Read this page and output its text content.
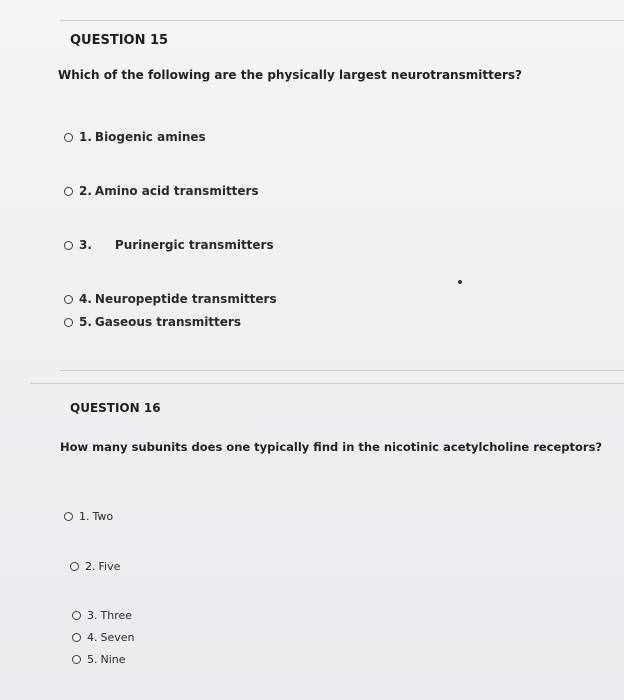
QUESTION 15
Which of the following are the physically largest neurotransmitters?
1. Biogenic amines
2. Amino acid transmitters
3. Purinergic transmitters
4. Neuropeptide transmitters
5. Gaseous transmitters
QUESTION 16
How many subunits does one typically find in the nicotinic acetylcholine receptors?
1. Two
2. Five
3. Three
4. Seven
5. Nine
